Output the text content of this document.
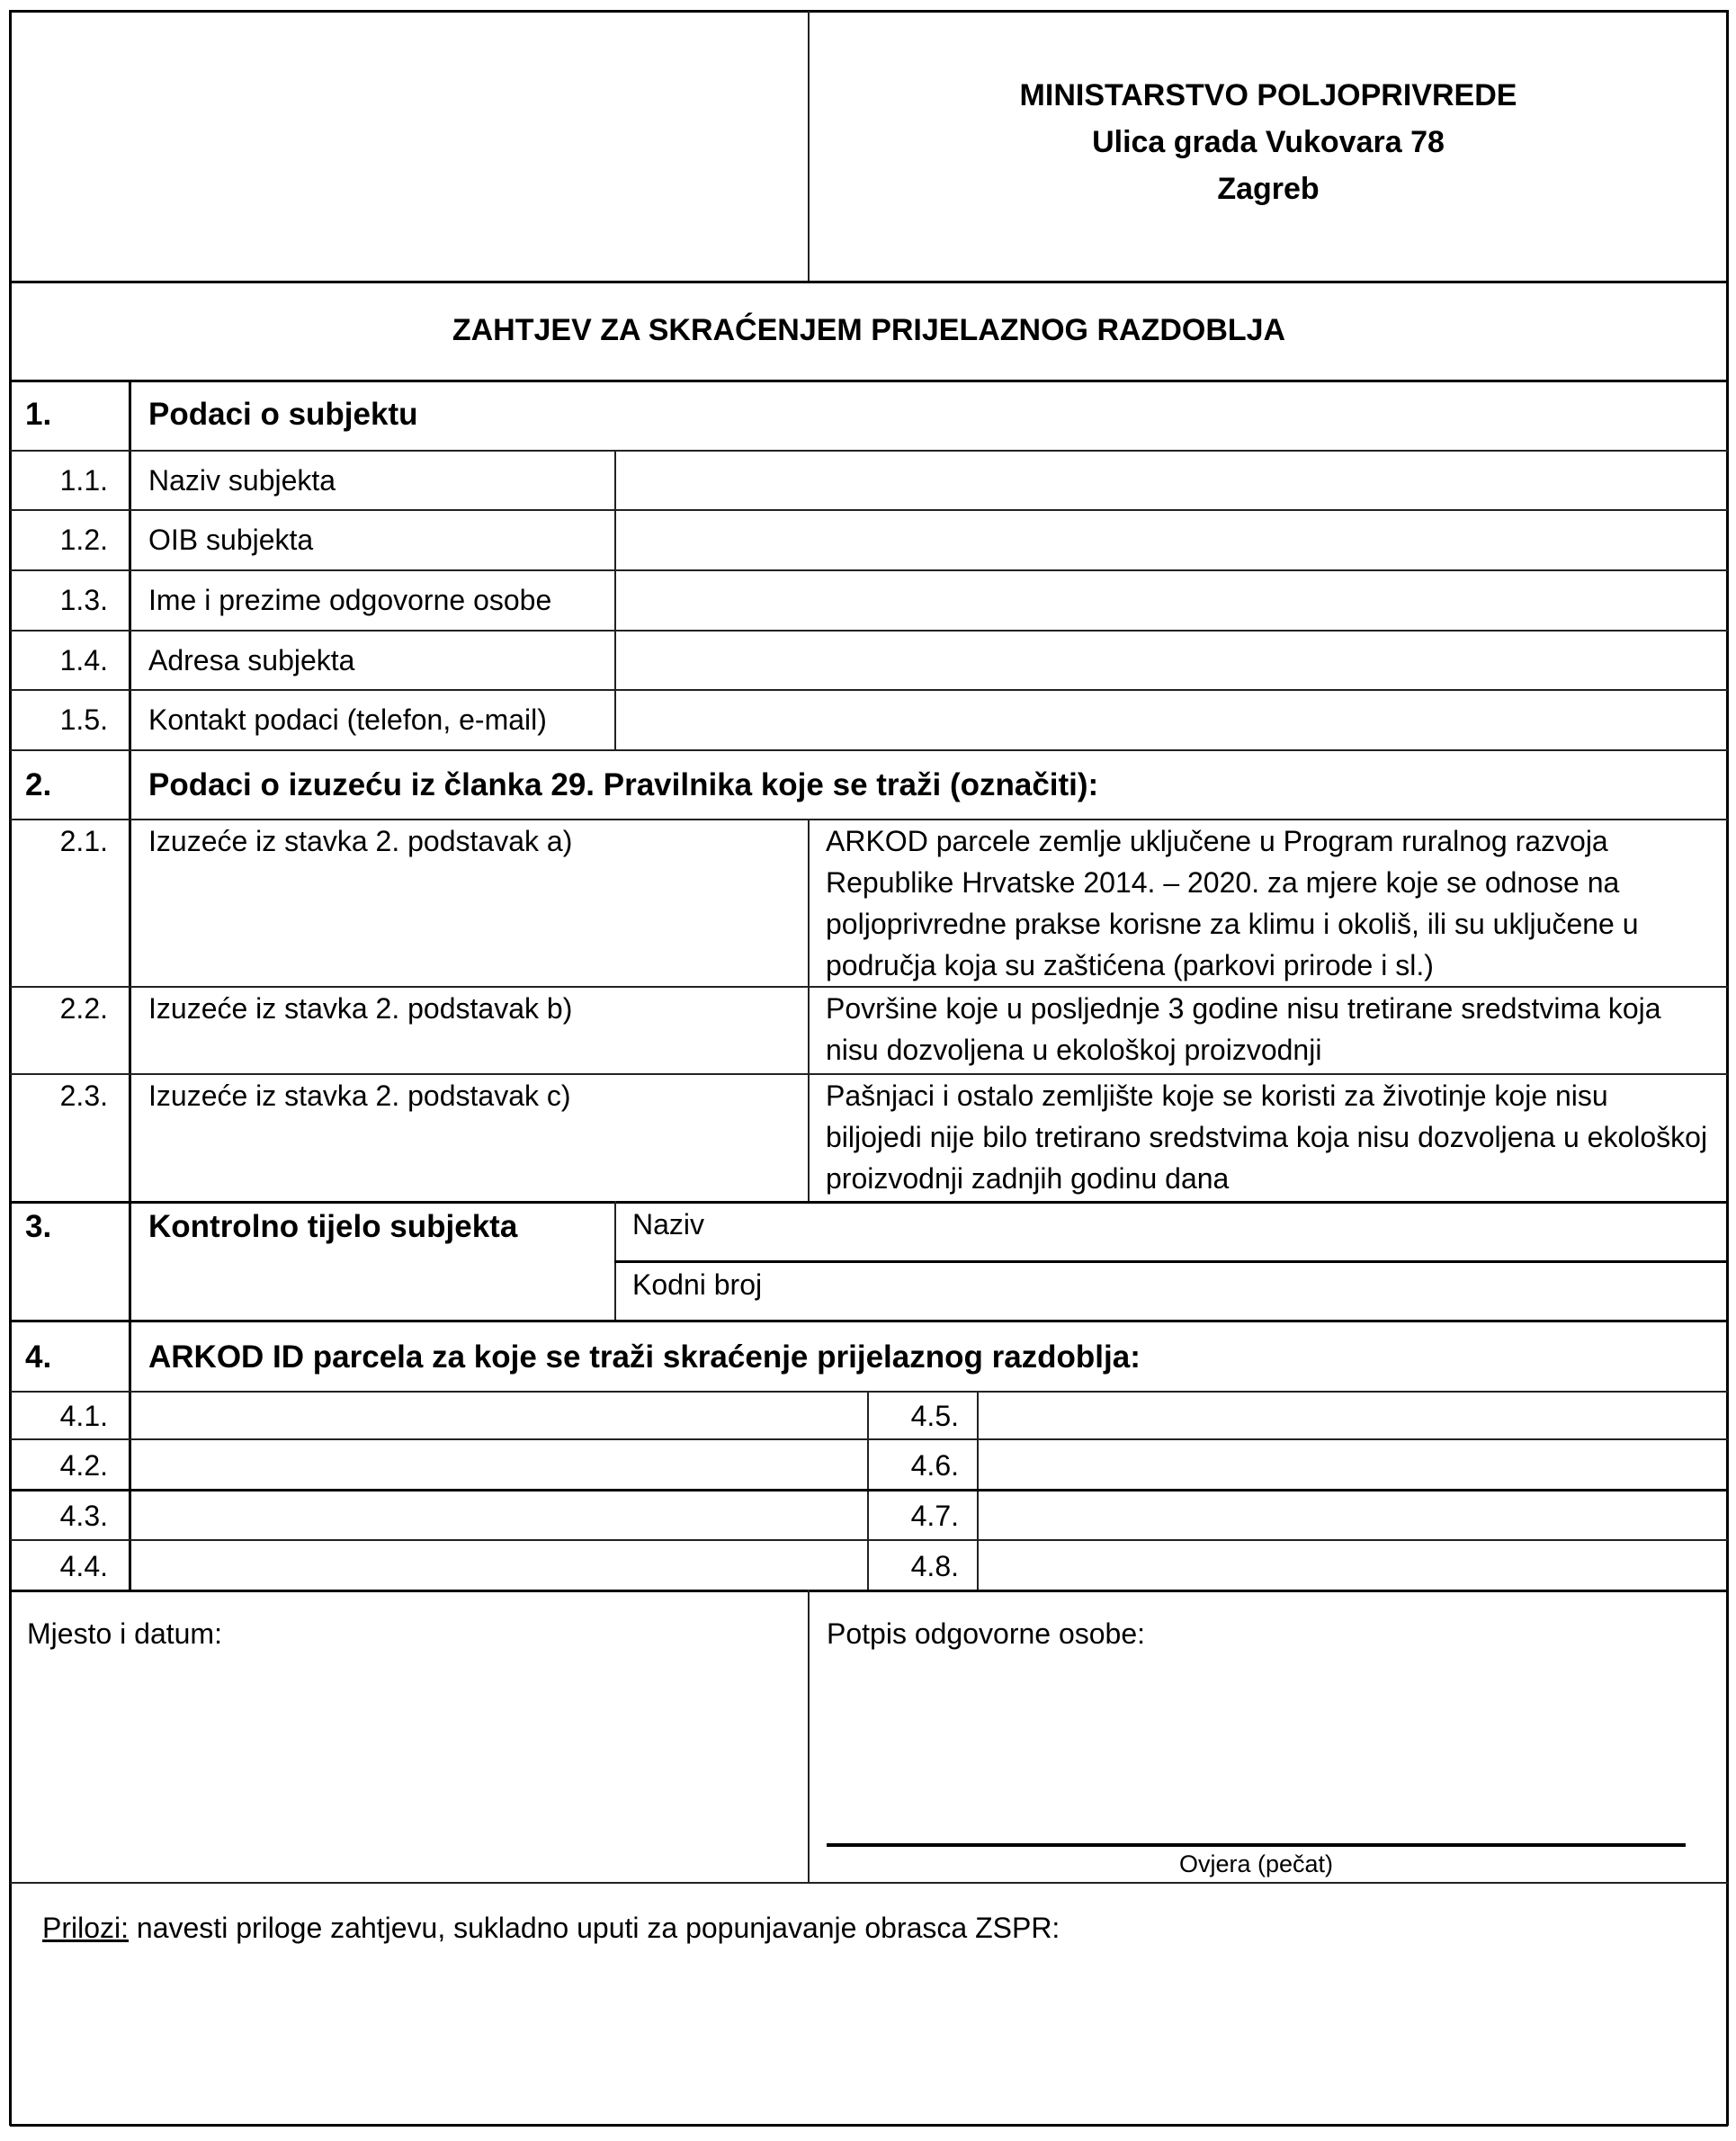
MINISTARSTVO POLJOPRIVREDE
Ulica grada Vukovara 78
Zagreb
ZAHTJEV ZA SKRAĆENJEM PRIJELAZNOG RAZDOBLJA
1.	Podaci o subjektu
1.1. Naziv subjekta
1.2. OIB subjekta
1.3. Ime i prezime odgovorne osobe
1.4. Adresa subjekta
1.5. Kontakt podaci (telefon, e-mail)
2.	Podaci o izuzeću iz članka 29. Pravilnika koje se traži (označiti):
2.1. Izuzeće iz stavka 2. podstavak a)	ARKOD parcele zemlje uključene u Program ruralnog razvoja Republike Hrvatske 2014. – 2020. za mjere koje se odnose na poljoprivredne prakse korisne za klimu i okoliš, ili su uključene u područja koja su zaštićena (parkovi prirode i sl.)
2.2. Izuzeće iz stavka 2. podstavak b)	Površine koje u posljednje 3 godine nisu tretirane sredstvima koja nisu dozvoljena u ekološkoj proizvodnji
2.3. Izuzeće iz stavka 2. podstavak c)	Pašnjaci i ostalo zemljište koje se koristi za životinje koje nisu biljojedi nije bilo tretirano sredstvima koja nisu dozvoljena u ekološkoj proizvodnji zadnjih godinu dana
3.	Kontrolno tijelo subjekta	Naziv
Kodni broj
4.	ARKOD ID parcela za koje se traži skraćenje prijelaznog razdoblja:
4.1.	4.5.
4.2.	4.6.
4.3.	4.7.
4.4.	4.8.
Mjesto i datum:	Potpis odgovorne osobe:
Ovjera (pečat)
Prilozi: navesti priloge zahtjevu, sukladno uputi za popunjavanje obrasca ZSPR:
